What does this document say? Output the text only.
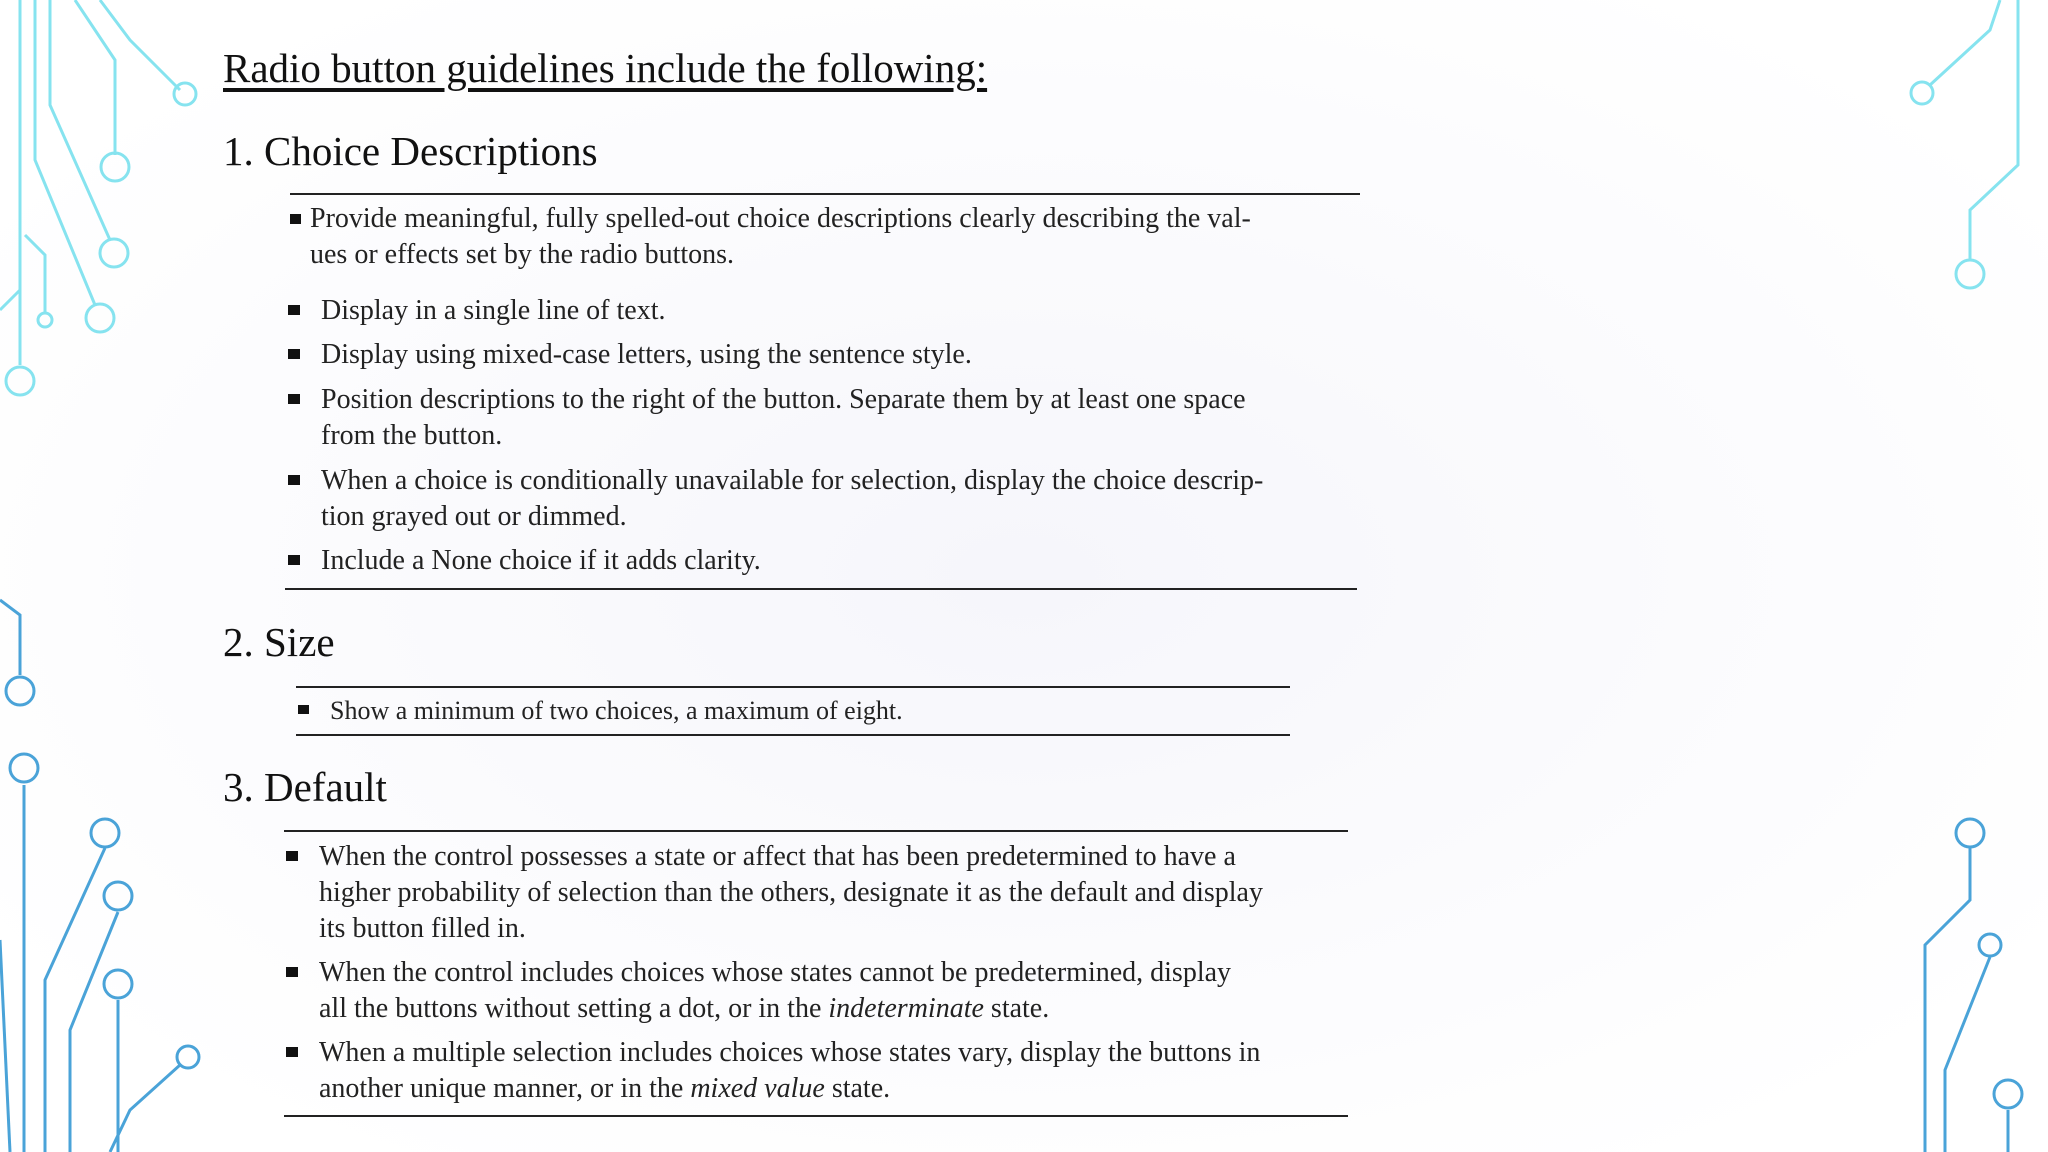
Radio button guidelines include the following:
1. Choice Descriptions
Provide meaningful, fully spelled-out choice descriptions clearly describing the val-
ues or effects set by the radio buttons.
Display in a single line of text.
Display using mixed-case letters, using the sentence style.
Position descriptions to the right of the button. Separate them by at least one space
from the button.
When a choice is conditionally unavailable for selection, display the choice descrip-
tion grayed out or dimmed.
Include a None choice if it adds clarity.
2. Size
Show a minimum of two choices, a maximum of eight.
3. Default
When the control possesses a state or affect that has been predetermined to have a
higher probability of selection than the others, designate it as the default and display
its button filled in.
When the control includes choices whose states cannot be predetermined, display
all the buttons without setting a dot, or in the indeterminate state.
When a multiple selection includes choices whose states vary, display the buttons in
another unique manner, or in the mixed value state.
